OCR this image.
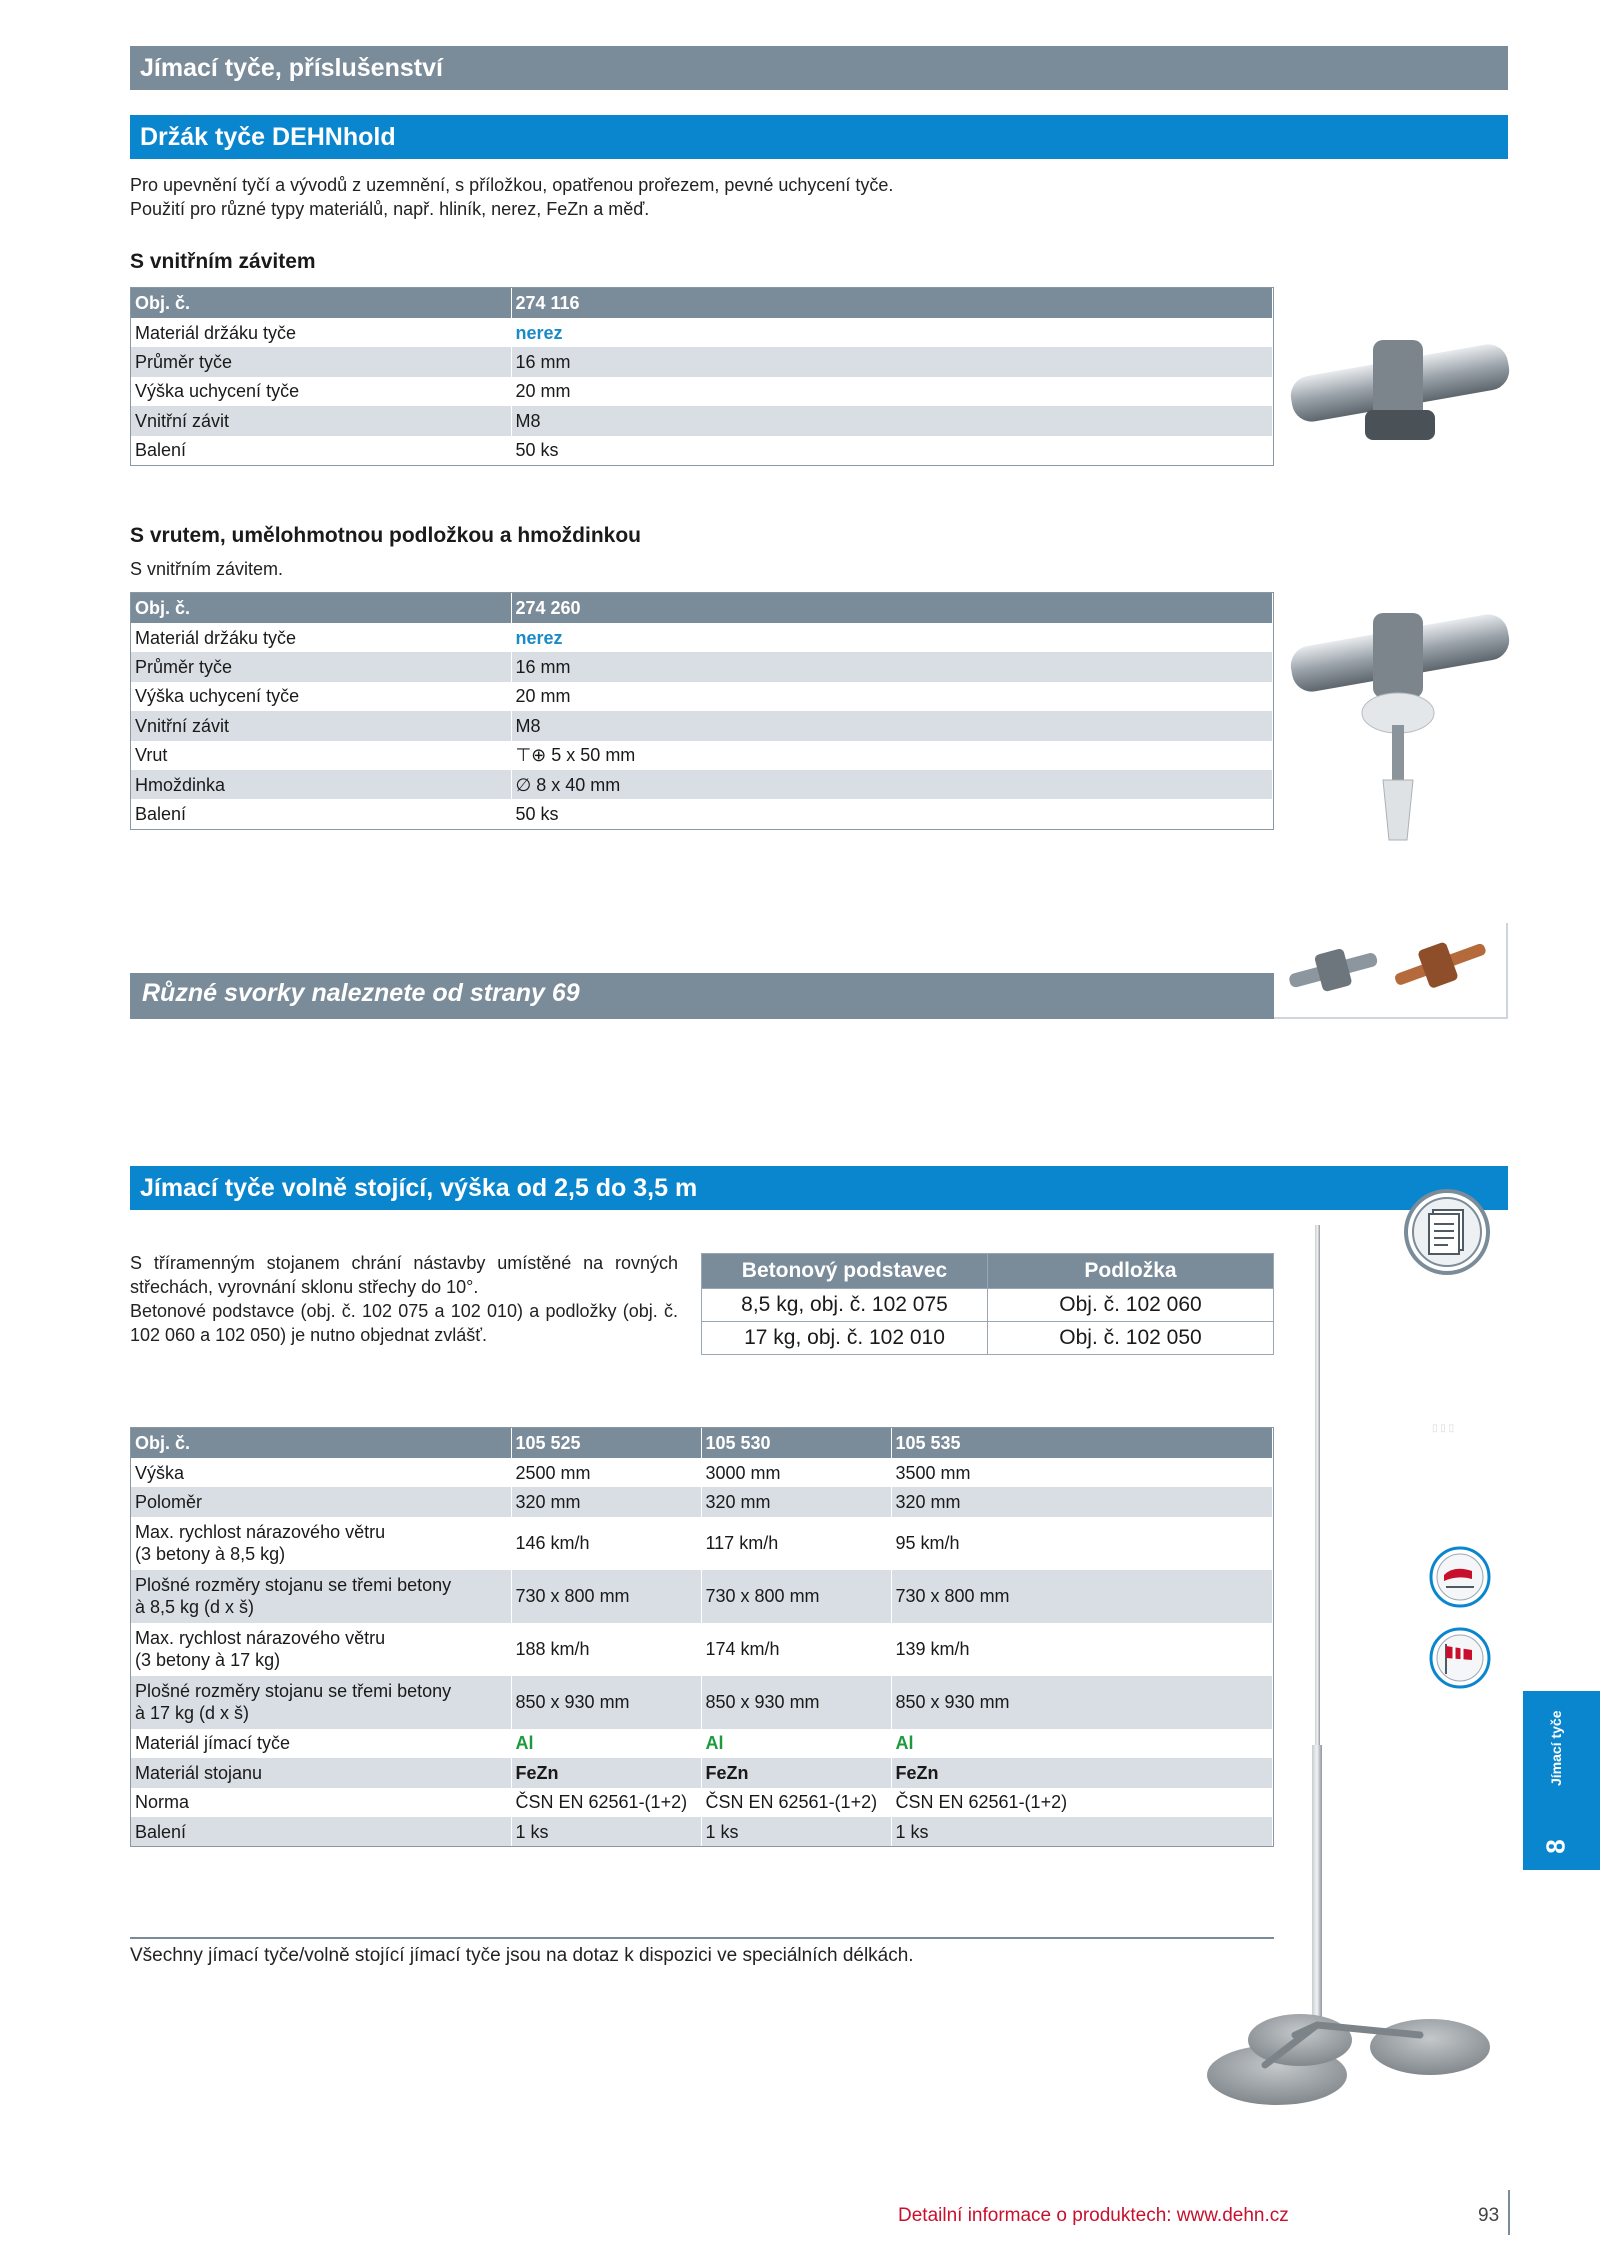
Jímací tyče, příslušenství
Držák tyče DEHNhold
Pro upevnění tyčí a vývodů z uzemnění, s příložkou, opatřenou prořezem, pevné uchycení tyče.
Použití pro různé typy materiálů, např. hliník, nerez, FeZn a měď.
S vnitřním závitem
Obj. č.	274 116
Materiál držáku tyče	nerez
Průměr tyče	16 mm
Výška uchycení tyče	20 mm
Vnitřní závit	M8
Balení	50 ks
S vrutem, umělohmotnou podložkou a hmoždinkou
S vnitřním závitem.
Obj. č.	274 260
Materiál držáku tyče	nerez
Průměr tyče	16 mm
Výška uchycení tyče	20 mm
Vnitřní závit	M8
Vrut	⊤⊕ 5 x 50 mm
Hmoždinka	∅ 8 x 40 mm
Balení	50 ks
Různé svorky naleznete od strany 69
Jímací tyče volně stojící, výška od 2,5 do 3,5 m
S tříramenným stojanem chrání nástavby umístěné na rovných střechách, vyrovnání sklonu střechy do 10°.
Betonové podstavce (obj. č. 102 075 a 102 010) a podložky (obj. č. 102 060 a 102 050) je nutno objednat zvlášť.
Betonový podstavec	Podložka
8,5 kg, obj. č. 102 075	Obj. č. 102 060
17 kg, obj. č. 102 010	Obj. č. 102 050
Obj. č.	105 525	105 530	105 535
Výška	2500 mm	3000 mm	3500 mm
Poloměr	320 mm	320 mm	320 mm
Max. rychlost nárazového větru
(3 betony à 8,5 kg)	146 km/h	117 km/h	95 km/h
Plošné rozměry stojanu se třemi betony
à 8,5 kg (d x š)	730 x 800 mm	730 x 800 mm	730 x 800 mm
Max. rychlost nárazového větru
(3 betony à 17 kg)	188 km/h	174 km/h	139 km/h
Plošné rozměry stojanu se třemi betony
à 17 kg (d x š)	850 x 930 mm	850 x 930 mm	850 x 930 mm
Materiál jímací tyče	Al	Al	Al
Materiál stojanu	FeZn	FeZn	FeZn
Norma	ČSN EN 62561-(1+2)	ČSN EN 62561-(1+2)	ČSN EN 62561-(1+2)
Balení	1 ks	1 ks	1 ks
▯ ▯ ▯
Jímací tyče
8
Všechny jímací tyče/volně stojící jímací tyče jsou na dotaz k dispozici ve speciálních délkách.
Detailní informace o produktech: www.dehn.cz	93
